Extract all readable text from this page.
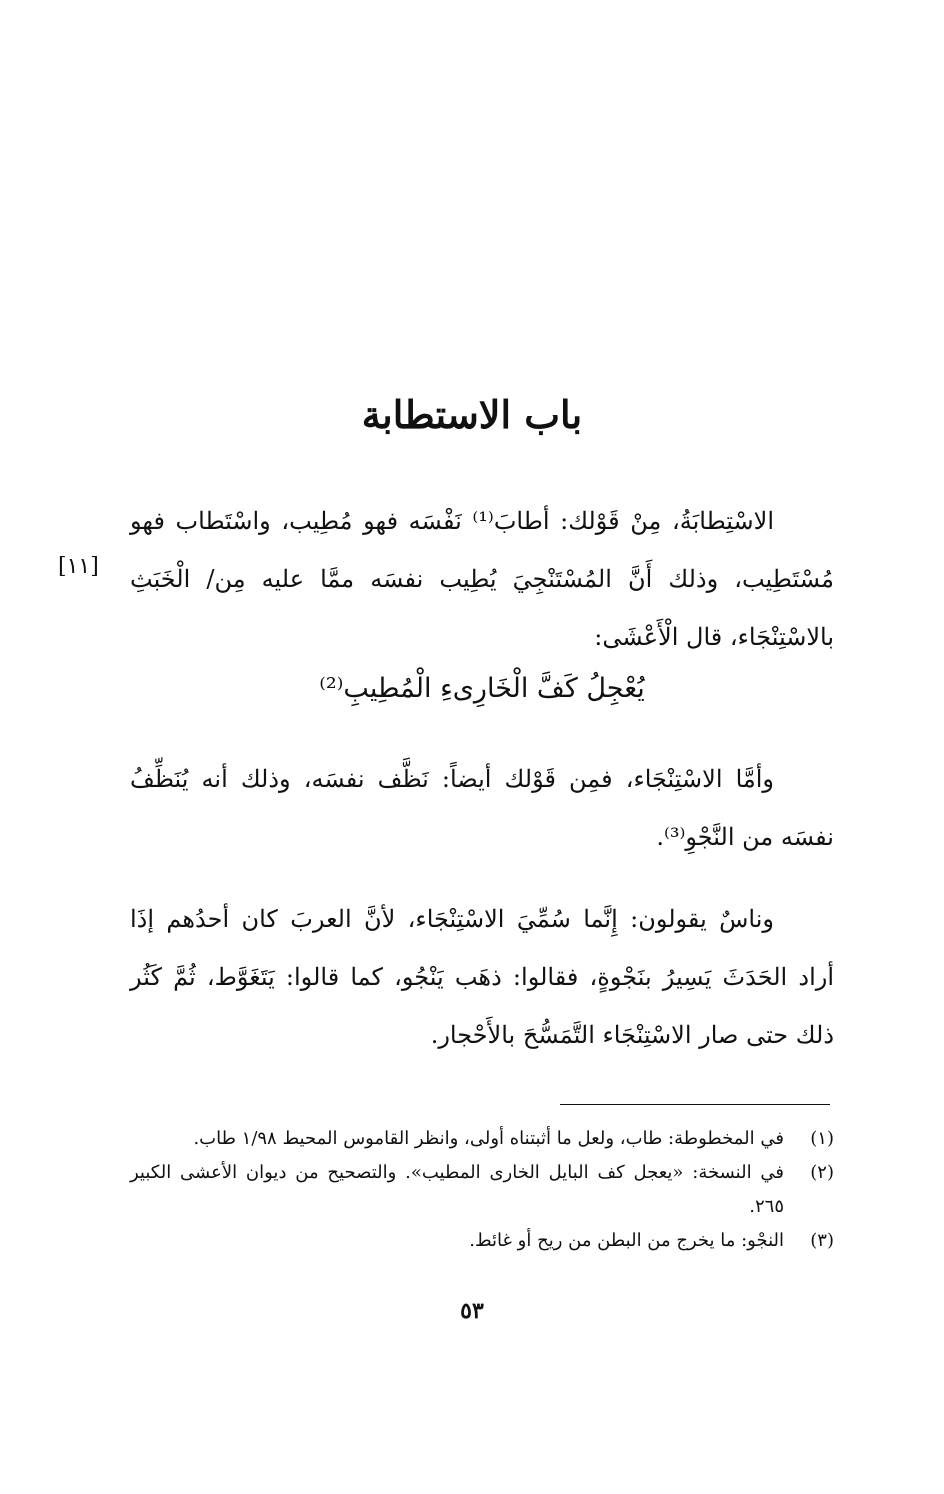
باب الاستطابة

الاسْتِطابَةُ، مِنْ قَوْلك: أطابَ⁽¹⁾ نَفْسَه فهو مُطِيب، واسْتَطاب فهو مُسْتَطِيب، وذلك أَنَّ المُسْتَنْجِيَ يُطِيب نفسَه ممَّا عليه مِن/ الْخَبَثِ بالاسْتِنْجَاء، قال الْأَعْشَى:

[١١]
يُعْجِلُ كَفَّ الْخَارِىءِ الْمُطِيبِ⁽²⁾

وأمَّا الاسْتِنْجَاء، فمِن قَوْلك أيضاً: نَظَّف نفسَه، وذلك أنه يُنَظِّفُ نفسَه من النَّجْوِ⁽³⁾.

وناسٌ يقولون: إِنَّما سُمِّيَ الاسْتِنْجَاء، لأنَّ العربَ كان أحدُهم إذَا أراد الحَدَثَ يَسِيرُ بنَجْوةٍ، فقالوا: ذهَب يَنْجُو، كما قالوا: يَتَغَوَّط، ثُمَّ كَثُر ذلك حتى صار الاسْتِنْجَاء التَّمَسُّحَ بالأَحْجار.

(١)
في المخطوطة: طاب، ولعل ما أثبتناه أولى، وانظر القاموس المحيط ١/٩٨ طاب.
(٢)
في النسخة: «يعجل كف البايل الخارى المطيب». والتصحيح من ديوان الأعشى الكبير ٢٦٥.
(٣)
النجْو: ما يخرج من البطن من ريح أو غائط.
٥٣
